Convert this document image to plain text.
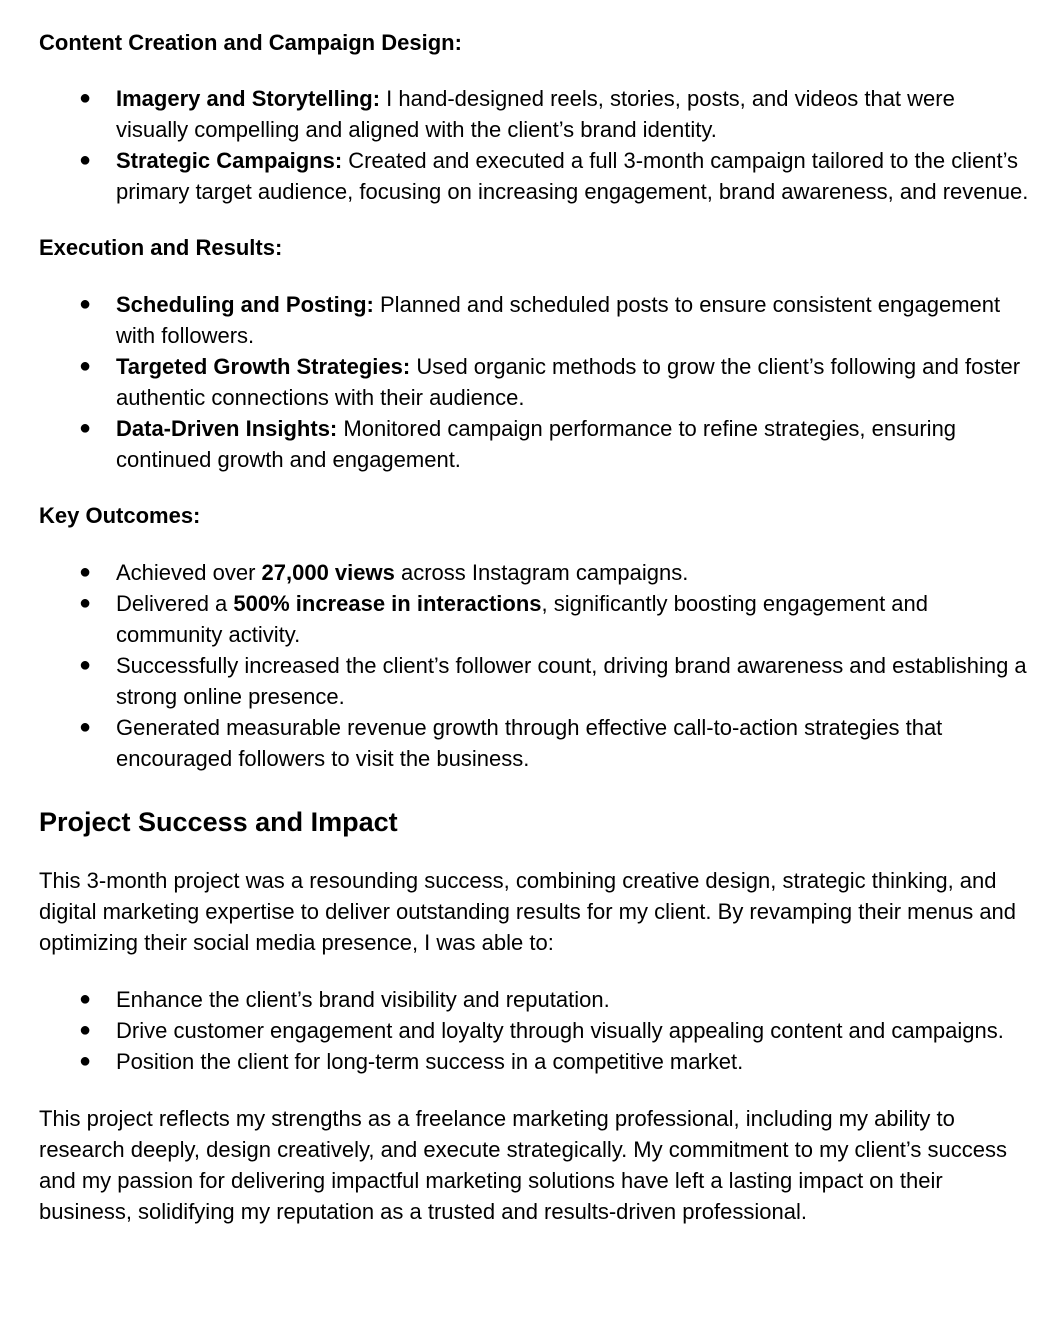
Content Creation and Campaign Design:
● Imagery and Storytelling: I hand-designed reels, stories, posts, and videos that were visually compelling and aligned with the client’s brand identity.
● Strategic Campaigns: Created and executed a full 3-month campaign tailored to the client’s primary target audience, focusing on increasing engagement, brand awareness, and revenue.
Execution and Results:
● Scheduling and Posting: Planned and scheduled posts to ensure consistent engagement with followers.
● Targeted Growth Strategies: Used organic methods to grow the client’s following and foster authentic connections with their audience.
● Data-Driven Insights: Monitored campaign performance to refine strategies, ensuring continued growth and engagement.
Key Outcomes:
● Achieved over 27,000 views across Instagram campaigns.
● Delivered a 500% increase in interactions, significantly boosting engagement and community activity.
● Successfully increased the client’s follower count, driving brand awareness and establishing a strong online presence.
● Generated measurable revenue growth through effective call-to-action strategies that encouraged followers to visit the business.
Project Success and Impact

This 3-month project was a resounding success, combining creative design, strategic thinking, and digital marketing expertise to deliver outstanding results for my client. By revamping their menus and optimizing their social media presence, I was able to:

● Enhance the client’s brand visibility and reputation.
● Drive customer engagement and loyalty through visually appealing content and campaigns.
● Position the client for long-term success in a competitive market.

This project reflects my strengths as a freelance marketing professional, including my ability to research deeply, design creatively, and execute strategically. My commitment to my client’s success and my passion for delivering impactful marketing solutions have left a lasting impact on their business, solidifying my reputation as a trusted and results-driven professional.
